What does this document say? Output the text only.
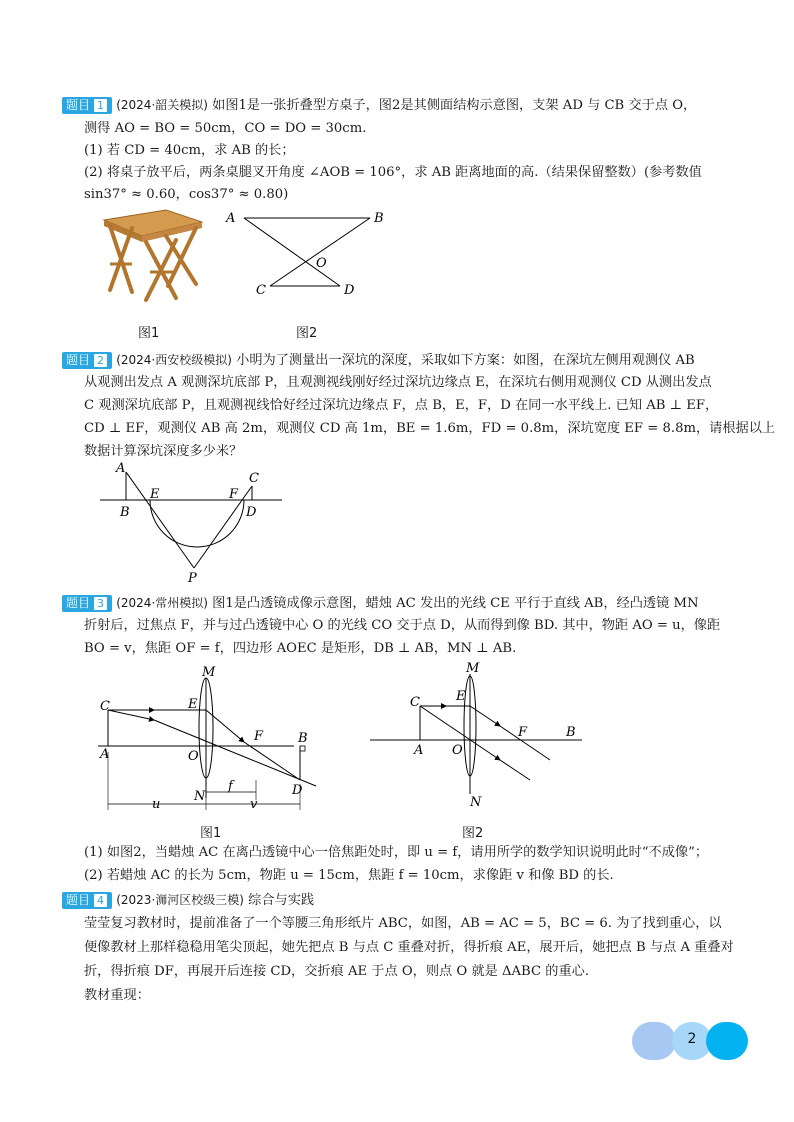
题目 1 (2024·韶关模拟) 如图1是一张折叠型方桌子，图2是其侧面结构示意图，支架 AD 与 CB 交于点 O，
测得 AO = BO = 50cm，CO = DO = 30cm.
(1) 若 CD = 40cm，求 AB 的长；
(2) 将桌子放平后，两条桌腿叉开角度 ∠AOB = 106°，求 AB 距离地面的高.（结果保留整数）(参考数值
sin37° ≈ 0.60，cos37° ≈ 0.80)
A	B
O
C	D
图1	图2
题目 2 (2024·西安校级模拟) 小明为了测量出一深坑的深度，采取如下方案：如图，在深坑左侧用观测仪 AB
从观测出发点 A 观测深坑底部 P，且观测视线刚好经过深坑边缘点 E，在深坑右侧用观测仪 CD 从测出发点
C 观测深坑底部 P，且观测视线恰好经过深坑边缘点 F，点 B，E，F，D 在同一水平线上. 已知 AB ⊥ EF，
CD ⊥ EF，观测仪 AB 高 2m，观测仪 CD 高 1m，BE = 1.6m，FD = 0.8m，深坑宽度 EF = 8.8m，请根据以上
数据计算深坑深度多少米？
A
B
E	F
C
D
P
题目 3 (2024·常州模拟) 图1是凸透镜成像示意图，蜡烛 AC 发出的光线 CE 平行于直线 AB，经凸透镜 MN
折射后，过焦点 F，并与过凸透镜中心 O 的光线 CO 交于点 D，从而得到像 BD. 其中，物距 AO = u，像距
BO = v，焦距 OF = f，四边形 AOEC 是矩形，DB ⊥ AB，MN ⊥ AB.
C
A
E
M
O
F	B
D
N
f
u	v
C
A
E
M
O
F	B
N
图1	图2
(1) 如图2，当蜡烛 AC 在离凸透镜中心一倍焦距处时，即 u = f，请用所学的数学知识说明此时“不成像”；
(2) 若蜡烛 AC 的长为 5cm，物距 u = 15cm，焦距 f = 10cm，求像距 v 和像 BD 的长.
题目 4 (2023·浉河区校级三模) 综合与实践
莹莹复习教材时，提前准备了一个等腰三角形纸片 ABC，如图，AB = AC = 5，BC = 6. 为了找到重心，以
便像教材上那样稳稳用笔尖顶起，她先把点 B 与点 C 重叠对折，得折痕 AE，展开后，她把点 B 与点 A 重叠对
折，得折痕 DF，再展开后连接 CD，交折痕 AE 于点 O，则点 O 就是 ΔABC 的重心.
教材重现：
2
